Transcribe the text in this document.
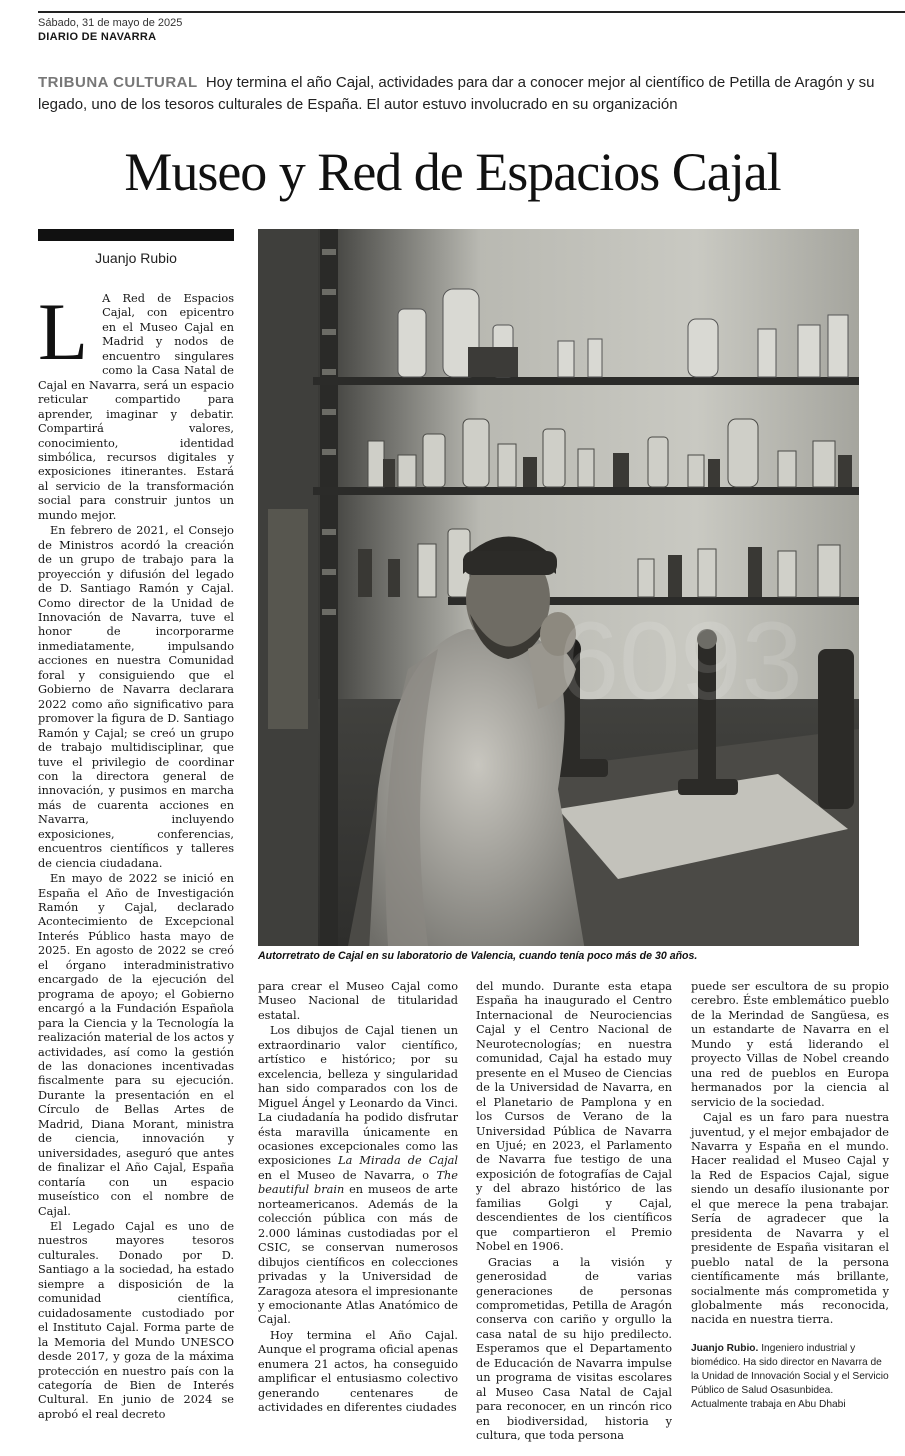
Sábado, 31 de mayo de 2025
DIARIO DE NAVARRA
TRIBUNA CULTURAL Hoy termina el año Cajal, actividades para dar a conocer mejor al científico de Petilla de Aragón y su legado, uno de los tesoros culturales de España. El autor estuvo involucrado en su organización
Museo y Red de Espacios Cajal
Juanjo Rubio
6093
Autorretrato de Cajal en su laboratorio de Valencia, cuando tenía poco más de 30 años.

L A Red de Espacios Cajal, con epicentro en el Museo Cajal en Madrid y nodos de encuentro singulares como la Casa Natal de Cajal en Navarra, será un espacio reticular compartido para aprender, imaginar y debatir. Compartirá valores, conocimiento, identidad simbólica, recursos digitales y exposiciones itinerantes. Estará al servicio de la transformación social para construir juntos un mundo mejor.

En febrero de 2021, el Consejo de Ministros acordó la creación de un grupo de trabajo para la proyección y difusión del legado de D. Santiago Ramón y Cajal. Como director de la Unidad de Innovación de Navarra, tuve el honor de incorporarme inmediatamente, impulsando acciones en nuestra Comunidad foral y consiguiendo que el Gobierno de Navarra declarara 2022 como año significativo para promover la figura de D. Santiago Ramón y Cajal; se creó un grupo de trabajo multidisciplinar, que tuve el privilegio de coordinar con la directora general de innovación, y pusimos en marcha más de cuarenta acciones en Navarra, incluyendo exposiciones, conferencias, encuentros científicos y talleres de ciencia ciudadana.

En mayo de 2022 se inició en España el Año de Investigación Ramón y Cajal, declarado Acontecimiento de Excepcional Interés Público hasta mayo de 2025. En agosto de 2022 se creó el órgano interadministrativo encargado de la ejecución del programa de apoyo; el Gobierno encargó a la Fundación Española para la Ciencia y la Tecnología la realización material de los actos y actividades, así como la gestión de las donaciones incentivadas fiscalmente para su ejecución. Durante la presentación en el Círculo de Bellas Artes de Madrid, Diana Morant, ministra de ciencia, innovación y universidades, aseguró que antes de finalizar el Año Cajal, España contaría con un espacio museístico con el nombre de Cajal.

El Legado Cajal es uno de nuestros mayores tesoros culturales. Donado por D. Santiago a la sociedad, ha estado siempre a disposición de la comunidad científica, cuidadosamente custodiado por el Instituto Cajal. Forma parte de la Memoria del Mundo UNESCO desde 2017, y goza de la máxima protección en nuestro país con la categoría de Bien de Interés Cultural. En junio de 2024 se aprobó el real decreto

para crear el Museo Cajal como Museo Nacional de titularidad estatal.

Los dibujos de Cajal tienen un extraordinario valor científico, artístico e histórico; por su excelencia, belleza y singularidad han sido comparados con los de Miguel Ángel y Leonardo da Vinci. La ciudadanía ha podido disfrutar ésta maravilla únicamente en ocasiones excepcionales como las exposiciones La Mirada de Cajal en el Museo de Navarra, o The beautiful brain en museos de arte norteamericanos. Además de la colección pública con más de 2.000 láminas custodiadas por el CSIC, se conservan numerosos dibujos científicos en colecciones privadas y la Universidad de Zaragoza atesora el impresionante y emocionante Atlas Anatómico de Cajal.

Hoy termina el Año Cajal. Aunque el programa oficial apenas enumera 21 actos, ha conseguido amplificar el entusiasmo colectivo generando centenares de actividades en diferentes ciudades

del mundo. Durante esta etapa España ha inaugurado el Centro Internacional de Neurociencias Cajal y el Centro Nacional de Neurotecnologías; en nuestra comunidad, Cajal ha estado muy presente en el Museo de Ciencias de la Universidad de Navarra, en el Planetario de Pamplona y en los Cursos de Verano de la Universidad Pública de Navarra en Ujué; en 2023, el Parlamento de Navarra fue testigo de una exposición de fotografías de Cajal y del abrazo histórico de las familias Golgi y Cajal, descendientes de los científicos que compartieron el Premio Nobel en 1906.

Gracias a la visión y generosidad de varias generaciones de personas comprometidas, Petilla de Aragón conserva con cariño y orgullo la casa natal de su hijo predilecto. Esperamos que el Departamento de Educación de Navarra impulse un programa de visitas escolares al Museo Casa Natal de Cajal para reconocer, en un rincón rico en biodiversidad, historia y cultura, que toda persona

puede ser escultora de su propio cerebro. Éste emblemático pueblo de la Merindad de Sangüesa, es un estandarte de Navarra en el Mundo y está liderando el proyecto Villas de Nobel creando una red de pueblos en Europa hermanados por la ciencia al servicio de la sociedad.

Cajal es un faro para nuestra juventud, y el mejor embajador de Navarra y España en el mundo. Hacer realidad el Museo Cajal y la Red de Espacios Cajal, sigue siendo un desafío ilusionante por el que merece la pena trabajar. Sería de agradecer que la presidenta de Navarra y el presidente de España visitaran el pueblo natal de la persona científicamente más brillante, socialmente más comprometida y globalmente más reconocida, nacida en nuestra tierra.

Juanjo Rubio. Ingeniero industrial y biomédico. Ha sido director en Navarra de la Unidad de Innovación Social y el Servicio Público de Salud Osasunbidea. Actualmente trabaja en Abu Dhabi
